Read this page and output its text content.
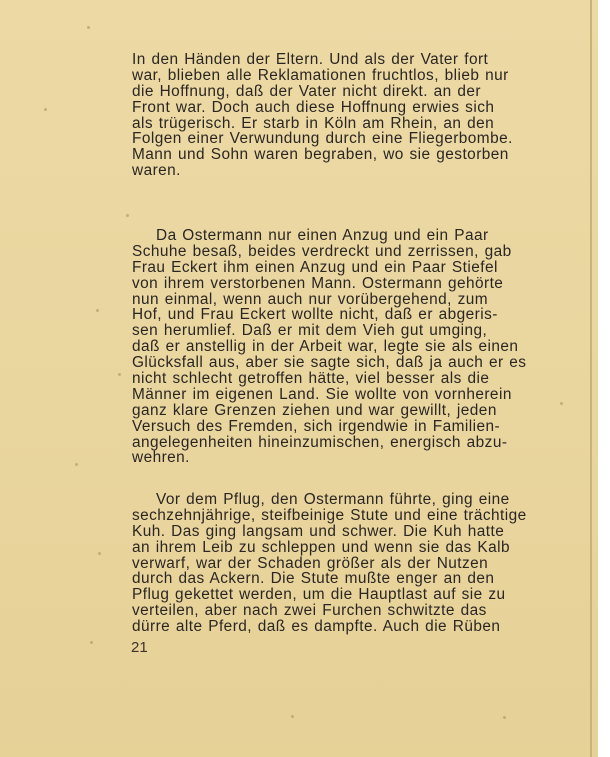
In den Händen der Eltern. Und als der Vater fort
war, blieben alle Reklamationen fruchtlos, blieb nur
die Hoffnung, daß der Vater nicht direkt. an der
Front war. Doch auch diese Hoffnung erwies sich
als trügerisch. Er starb in Köln am Rhein, an den
Folgen einer Verwundung durch eine Fliegerbombe.
Mann und Sohn waren begraben, wo sie gestorben
waren.
Da Ostermann nur einen Anzug und ein Paar
Schuhe besaß, beides verdreckt und zerrissen, gab
Frau Eckert ihm einen Anzug und ein Paar Stiefel
von ihrem verstorbenen Mann. Ostermann gehörte
nun einmal, wenn auch nur vorübergehend, zum
Hof, und Frau Eckert wollte nicht, daß er abgeris-
sen herumlief. Daß er mit dem Vieh gut umging,
daß er anstellig in der Arbeit war, legte sie als einen
Glücksfall aus, aber sie sagte sich, daß ja auch er es
nicht schlecht getroffen hätte, viel besser als die
Männer im eigenen Land. Sie wollte von vornherein
ganz klare Grenzen ziehen und war gewillt, jeden
Versuch des Fremden, sich irgendwie in Familien-
angelegenheiten hineinzumischen, energisch abzu-
wehren.
Vor dem Pflug, den Ostermann führte, ging eine
sechzehnjährige, steifbeinige Stute und eine trächtige
Kuh. Das ging langsam und schwer. Die Kuh hatte
an ihrem Leib zu schleppen und wenn sie das Kalb
verwarf, war der Schaden größer als der Nutzen
durch das Ackern. Die Stute mußte enger an den
Pflug gekettet werden, um die Hauptlast auf sie zu
verteilen, aber nach zwei Furchen schwitzte das
dürre alte Pferd, daß es dampfte. Auch die Rüben
21
